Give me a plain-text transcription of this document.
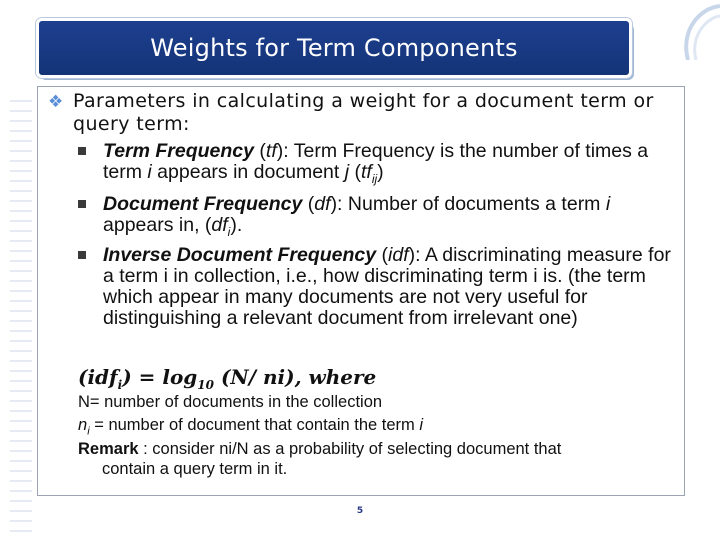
Weights for Term Components
❖ Parameters in calculating a weight for a document term or query term:
Term Frequency (tf): Term Frequency is the number of times a term i appears in document j $(tf_{ij})$
Document Frequency (df): Number of documents a term i appears in, $(df_i)$.
Inverse Document Frequency (idf): A discriminating measure for a term i in collection, i.e., how discriminating term i is. (the term which appear in many documents are not very useful for distinguishing a relevant document from irrelevant one)
$(idf_i) = \log_{10} (N/$ ni), where
N= number of documents in the collection
$n_i$ = number of document that contain the term i
Remark : consider ni/N as a probability of selecting document that
contain a query term in it.
5
